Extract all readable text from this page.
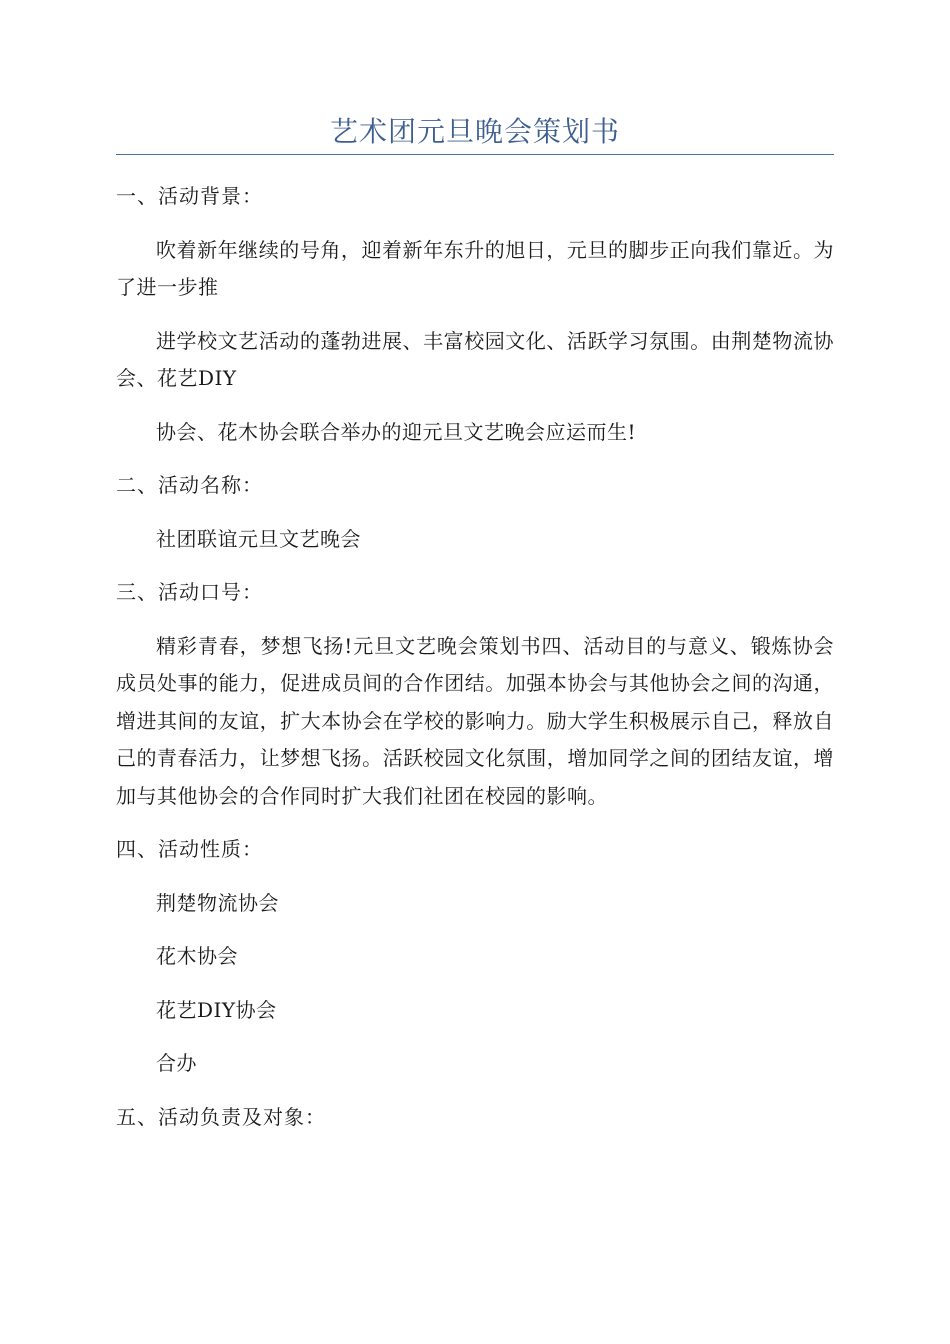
艺术团元旦晚会策划书
一、活动背景：
吹着新年继续的号角，迎着新年东升的旭日，元旦的脚步正向我们靠近。为了进一步推
进学校文艺活动的蓬勃进展、丰富校园文化、活跃学习氛围。由荆楚物流协会、花艺DIY
协会、花木协会联合举办的迎元旦文艺晚会应运而生!
二、活动名称：
社团联谊元旦文艺晚会
三、活动口号：
精彩青春，梦想飞扬!元旦文艺晚会策划书四、活动目的与意义、锻炼协会成员处事的能力，促进成员间的合作团结。加强本协会与其他协会之间的沟通，增进其间的友谊，扩大本协会在学校的影响力。励大学生积极展示自己，释放自己的青春活力，让梦想飞扬。活跃校园文化氛围，增加同学之间的团结友谊，增加与其他协会的合作同时扩大我们社团在校园的影响。
四、活动性质：
荆楚物流协会
花木协会
花艺DIY协会
合办
五、活动负责及对象：
